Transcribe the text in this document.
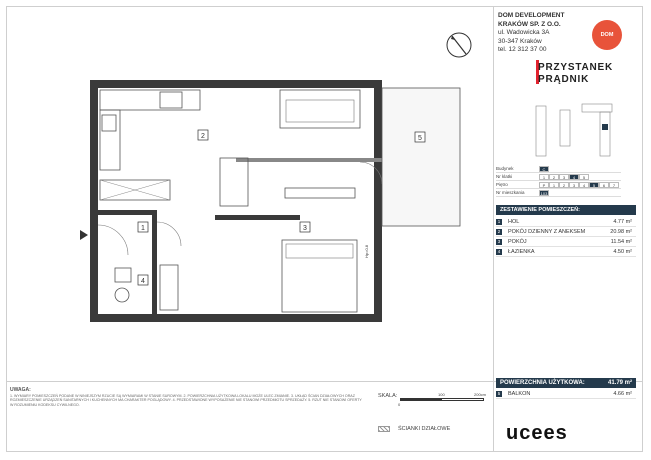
2
1	3
4
5
Hp=0.8
DOM DEVELOPMENT
KRAKÓW SP. Z O.O.
ul. Wadowicka 3A
30-347 Kraków
tel. 12 312 37 00
DOM
PRZYSTANEK
PRĄDNIK
Budynek	C
Nr klatki	1	2	3	4	5
Piętro	P	1	2	3	4	5	6	7
Nr mieszkania	103
ZESTAWIENIE POMIESZCZEŃ:
1	HOL	4.77 m²
2	POKÓJ DZIENNY Z ANEKSEM	20.98 m²
3	POKÓJ	11.54 m²
4	ŁAZIENKA	4.50 m²
POWIERZCHNIA UŻYTKOWA:	41.79 m²
5	BALKON	4.66 m²
UWAGA:
1. WYMIARY POMIESZCZEŃ PODANE W NINIEJSZYM RZUCIE SĄ WYMIARAMI W STANIE SUROWYM. 2. POWIERZCHNIA UŻYTKOWA LOKALU MOŻE ULEC ZMIANIE. 3. UKŁAD ŚCIAN DZIAŁOWYCH ORAZ ROZMIESZCZENIE URZĄDZEŃ SANITARNYCH I KUCHENNYCH MA CHARAKTER POGLĄDOWY. 4. PRZEDSTAWIONE WYPOSAŻENIE NIE STANOWI PRZEDMIOTU SPRZEDAŻY. 5. RZUT NIE STANOWI OFERTY W ROZUMIENIU KODEKSU CYWILNEGO.
SKALA:
0
100	200cm
ŚCIANKI DZIAŁOWE	ucees
